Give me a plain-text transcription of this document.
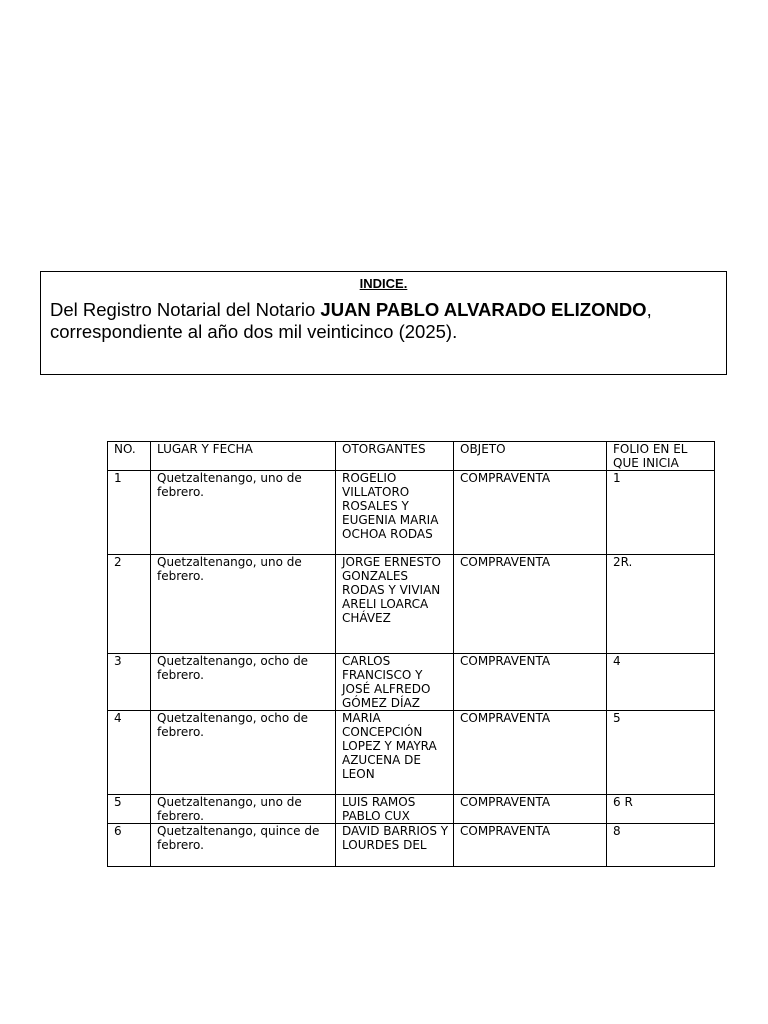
INDICE.
Del Registro Notarial del Notario JUAN PABLO ALVARADO ELIZONDO, correspondiente al año dos mil veinticinco (2025).
NO.	LUGAR Y FECHA	OTORGANTES	OBJETO	FOLIO EN EL QUE INICIA
1	Quetzaltenango, uno de febrero.	ROGELIO VILLATORO ROSALES Y EUGENIA MARIA OCHOA RODAS	COMPRAVENTA	1
2	Quetzaltenango, uno de febrero.	JORGE ERNESTO GONZALES RODAS Y VIVIAN ARELI LOARCA CHÁVEZ	COMPRAVENTA	2R.
3	Quetzaltenango, ocho de febrero.	CARLOS FRANCISCO Y JOSÉ ALFREDO GÓMEZ DÍAZ	COMPRAVENTA	4
4	Quetzaltenango, ocho de febrero.	MARIA CONCEPCIÓN LOPEZ Y MAYRA AZUCENA DE LEON	COMPRAVENTA	5
5	Quetzaltenango, uno de febrero.	LUIS RAMOS PABLO CUX	COMPRAVENTA	6 R
6	Quetzaltenango, quince de febrero.	DAVID BARRIOS Y LOURDES DEL	COMPRAVENTA	8
